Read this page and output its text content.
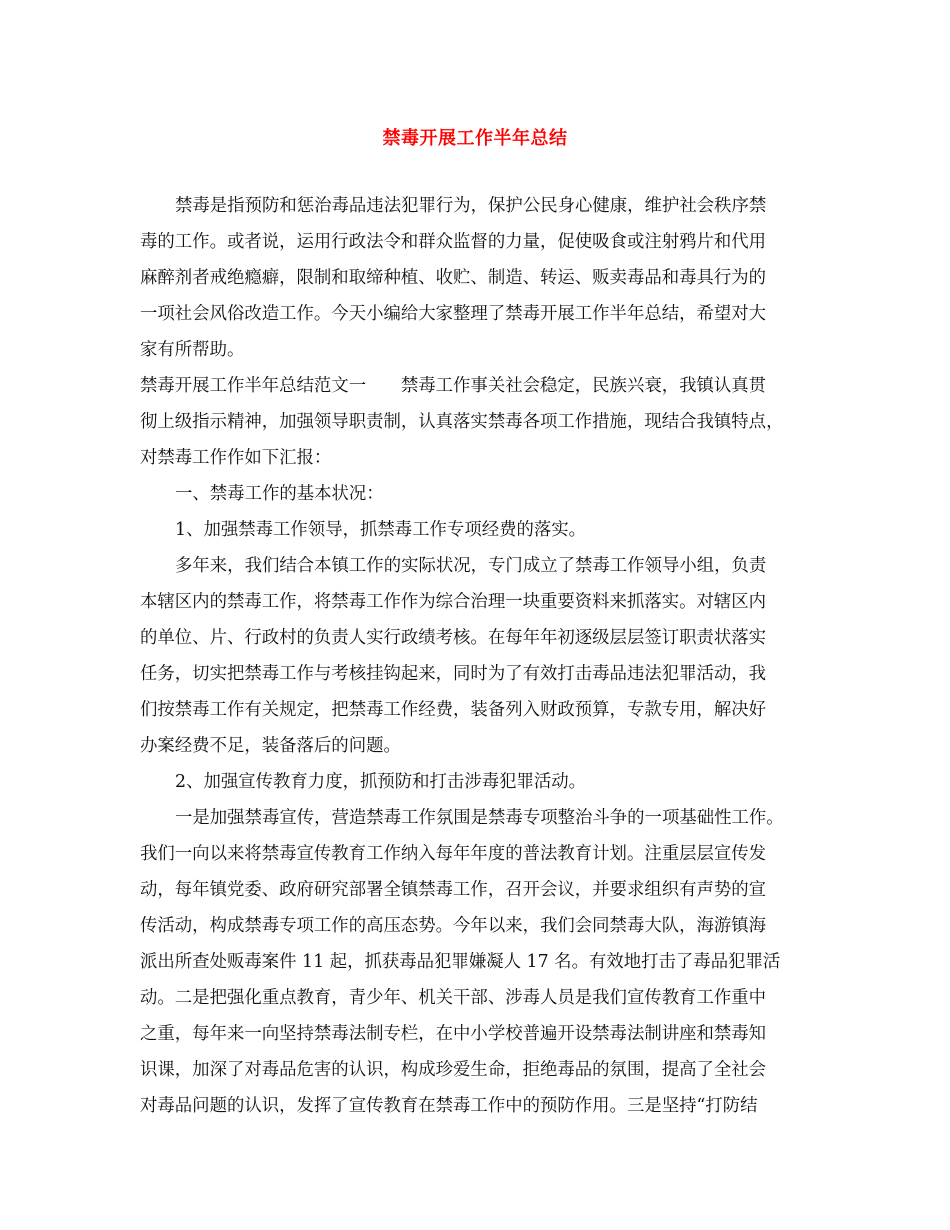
禁毒开展工作半年总结
禁毒是指预防和惩治毒品违法犯罪行为，保护公民身心健康，维护社会秩序禁
毒的工作。或者说，运用行政法令和群众监督的力量，促使吸食或注射鸦片和代用
麻醉剂者戒绝瘾癖，限制和取缔种植、收贮、制造、转运、贩卖毒品和毒具行为的
一项社会风俗改造工作。今天小编给大家整理了禁毒开展工作半年总结，希望对大
家有所帮助。
禁毒开展工作半年总结范文一　　禁毒工作事关社会稳定，民族兴衰，我镇认真贯
彻上级指示精神，加强领导职责制，认真落实禁毒各项工作措施，现结合我镇特点，
对禁毒工作作如下汇报：
一、禁毒工作的基本状况：
1、加强禁毒工作领导，抓禁毒工作专项经费的落实。
多年来，我们结合本镇工作的实际状况，专门成立了禁毒工作领导小组，负责
本辖区内的禁毒工作，将禁毒工作作为综合治理一块重要资料来抓落实。对辖区内
的单位、片、行政村的负责人实行政绩考核。在每年年初逐级层层签订职责状落实
任务，切实把禁毒工作与考核挂钩起来，同时为了有效打击毒品违法犯罪活动，我
们按禁毒工作有关规定，把禁毒工作经费，装备列入财政预算，专款专用，解决好
办案经费不足，装备落后的问题。
2、加强宣传教育力度，抓预防和打击涉毒犯罪活动。
一是加强禁毒宣传，营造禁毒工作氛围是禁毒专项整治斗争的一项基础性工作。
我们一向以来将禁毒宣传教育工作纳入每年年度的普法教育计划。注重层层宣传发
动，每年镇党委、政府研究部署全镇禁毒工作，召开会议，并要求组织有声势的宣
传活动，构成禁毒专项工作的高压态势。今年以来，我们会同禁毒大队，海游镇海
派出所查处贩毒案件 11 起，抓获毒品犯罪嫌凝人 17 名。有效地打击了毒品犯罪活
动。二是把强化重点教育，青少年、机关干部、涉毒人员是我们宣传教育工作重中
之重，每年来一向坚持禁毒法制专栏，在中小学校普遍开设禁毒法制讲座和禁毒知
识课，加深了对毒品危害的认识，构成珍爱生命，拒绝毒品的氛围，提高了全社会
对毒品问题的认识，发挥了宣传教育在禁毒工作中的预防作用。三是坚持“打防结
